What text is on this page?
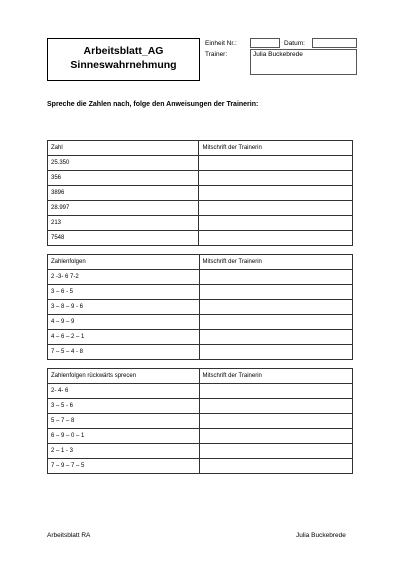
Arbeitsblatt_AG
Sinneswahrnehmung
Einheit Nr.:	Datum:
Trainer:	Julia Buckebrede
Spreche die Zahlen nach, folge den Anweisungen der Trainerin:
Zahl	Mitschrift der Trainerin
25.350	
356	
3896	
28.997	
213	
7548	
Zahlenfolgen	Mitschrift der Trainerin
2 -3- 6 7-2	
3 – 6 - 5	
3 – 8 – 9 - 6	
4 – 9 – 9	
4 – 6 – 2 – 1	
7 – 5 – 4 - 8	
Zahlenfolgen rückwärts sprecen	Mitschrift der Trainerin
2- 4- 6	
3 – 5 - 6	
5 – 7 – 8	
6 – 9 – 0 – 1	
2 – 1 - 3	
7 – 9 – 7 – 5	
Arbeitsblatt RA	Julia Buckebrede
